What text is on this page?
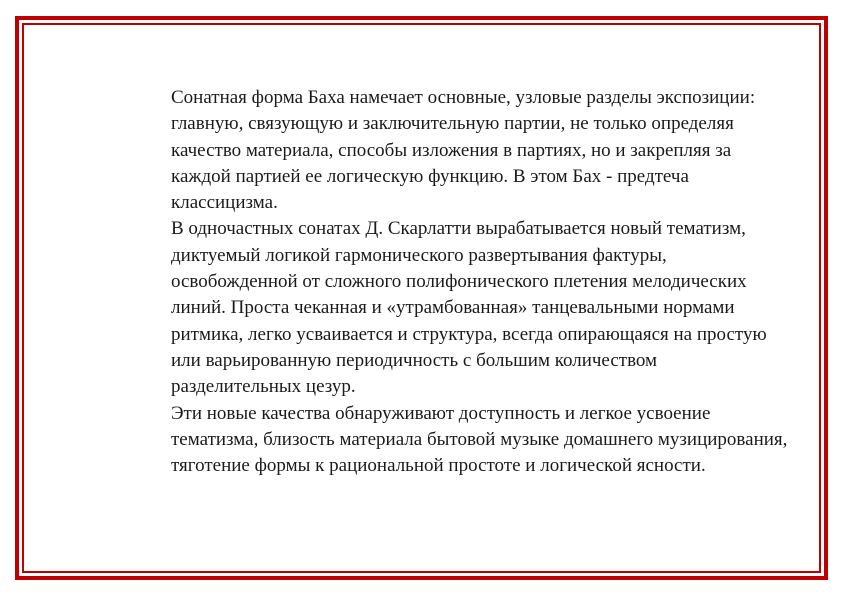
Сонатная форма Баха намечает основные, узловые разделы экспозиции: главную, связующую и заключительную партии, не только определяя качество материала, способы изложения в партиях, но и закрепляя за каждой партией ее логическую функцию. В этом Бах - предтеча классицизма.

В одночастных сонатах Д. Скарлатти вырабатывается новый тематизм, диктуемый логикой гармонического развертывания фактуры, освобожденной от сложного полифонического плетения мелодических линий. Проста чеканная и «утрамбованная» танцевальными нормами ритмика, легко усваивается и структура, всегда опирающаяся на простую или варьированную периодичность с большим количеством разделительных цезур.

Эти новые качества обнаруживают доступность и легкое усвоение тематизма, близость материала бытовой музыке домашнего музицирования, тяготение формы к рациональной простоте и логической ясности.
